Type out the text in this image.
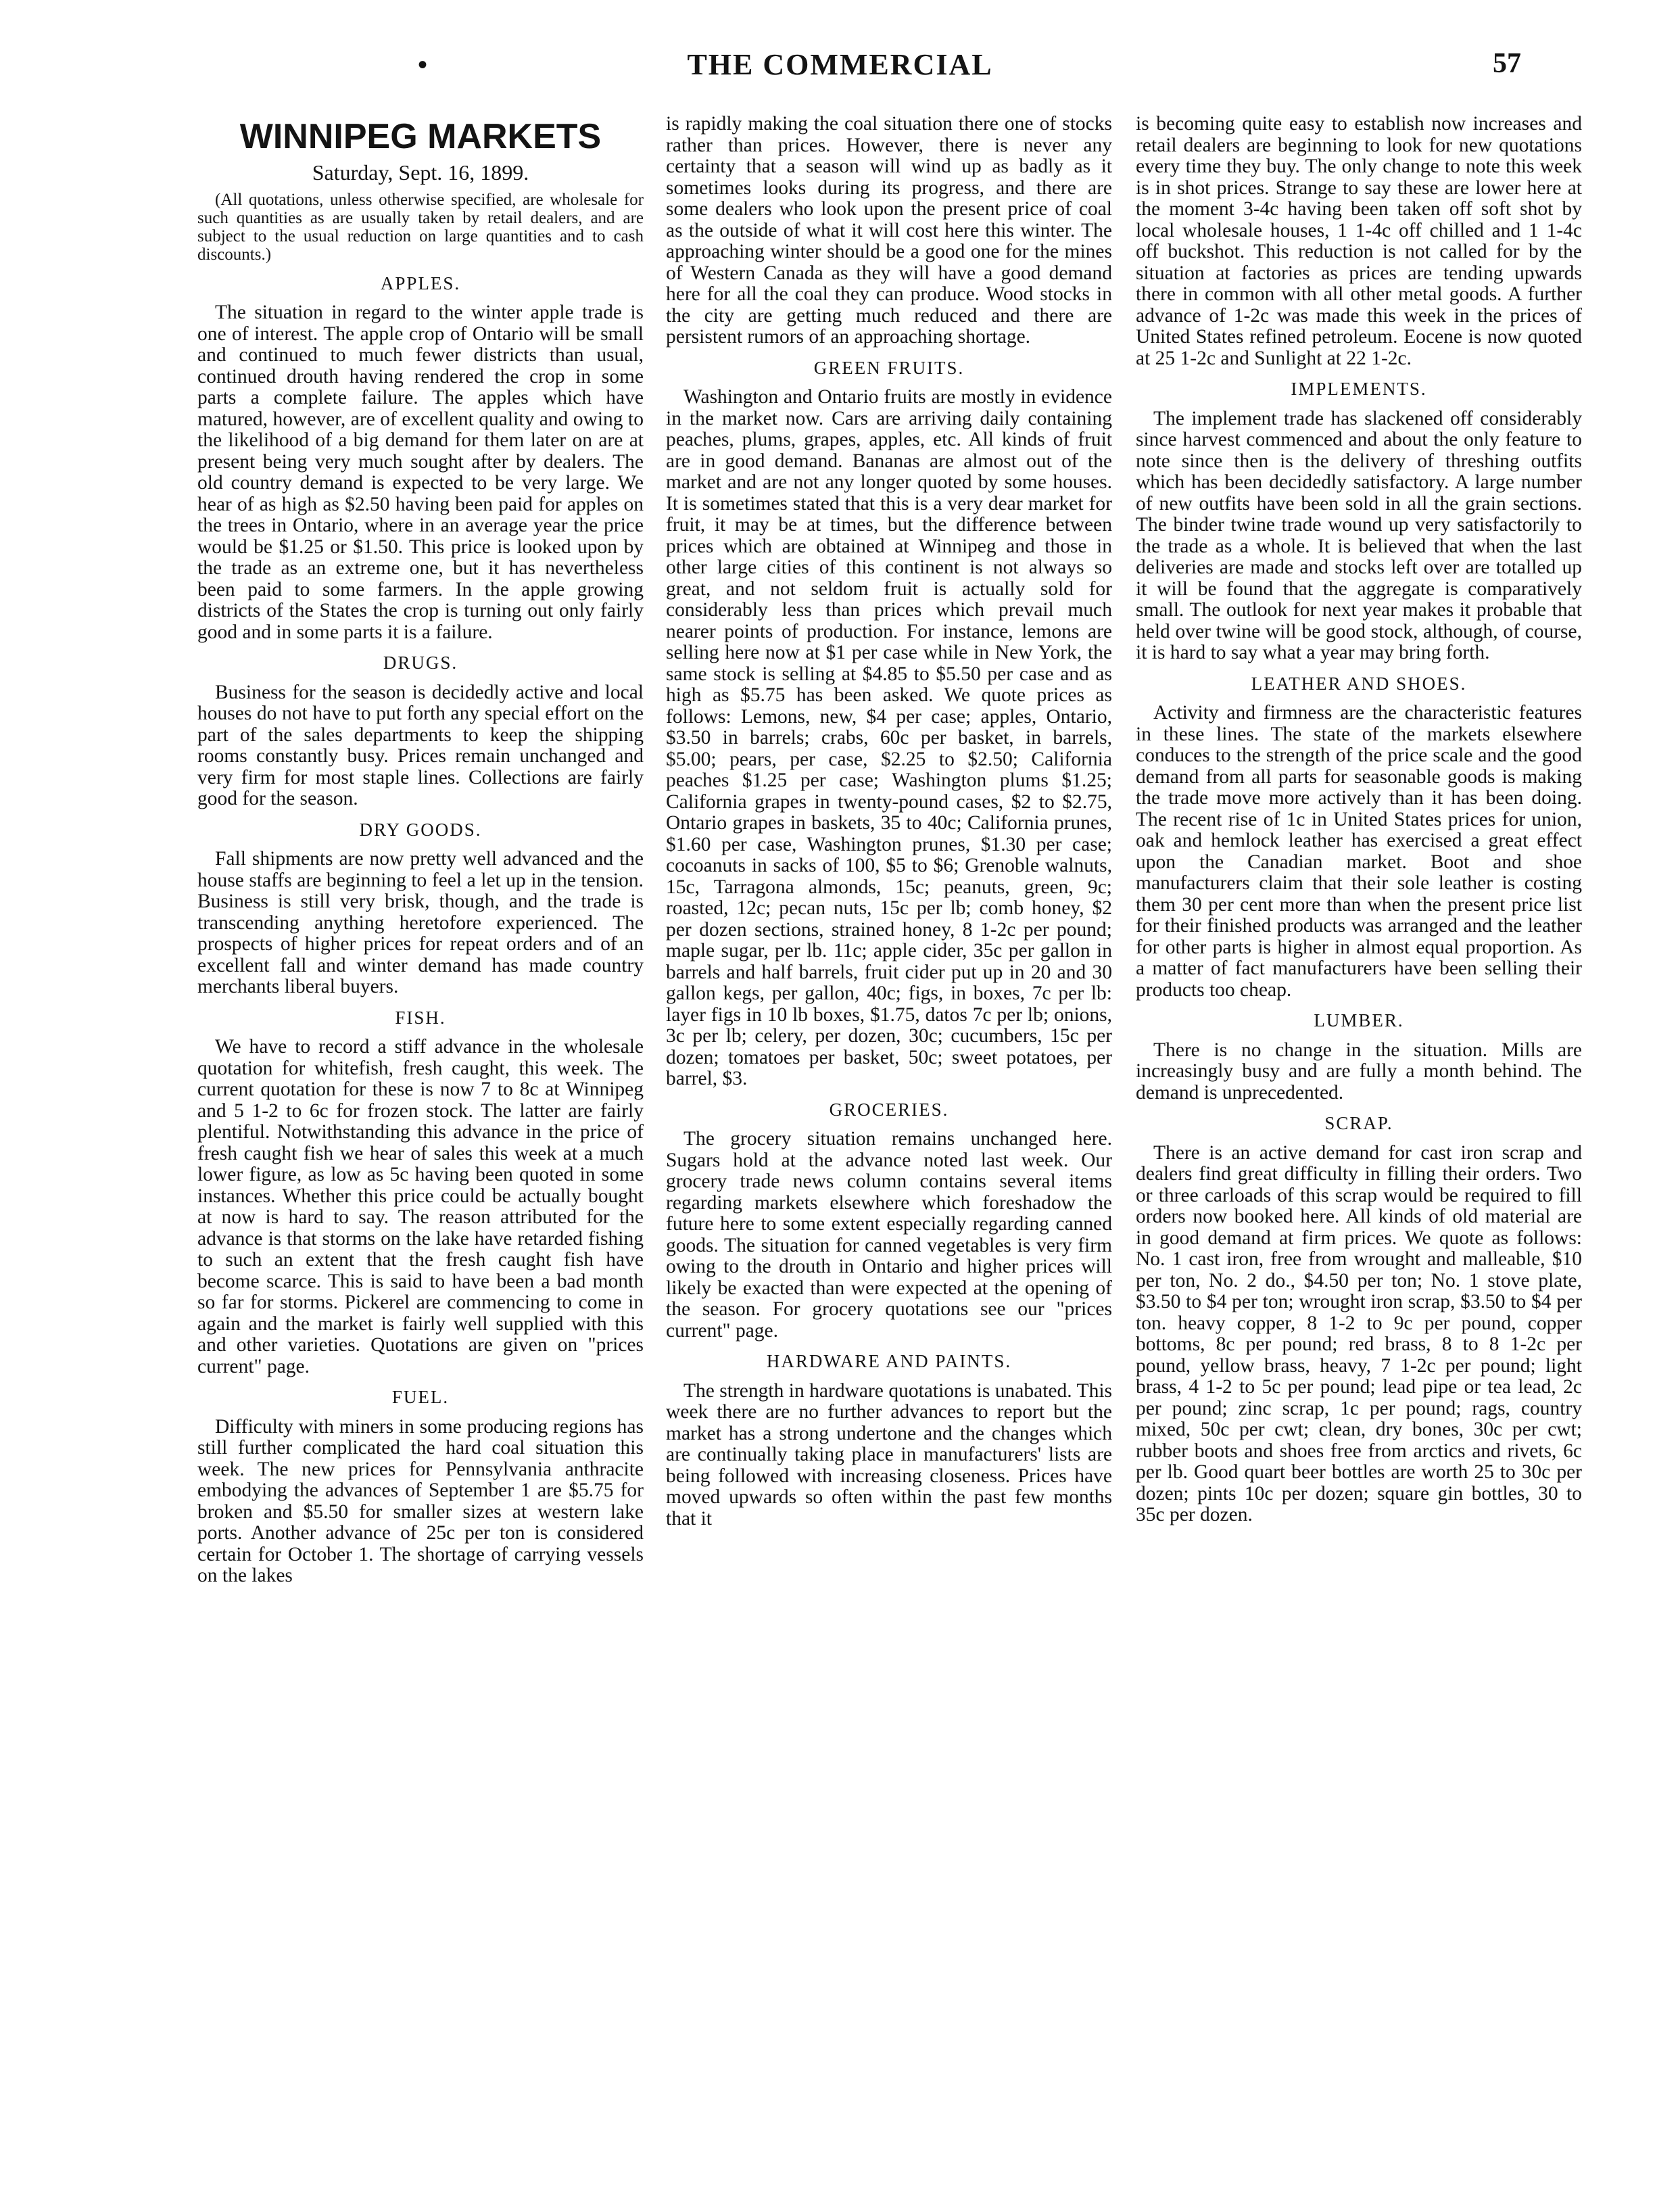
•	THE COMMERCIAL	57
WINNIPEG MARKETS
Saturday, Sept. 16, 1899.

(All quotations, unless otherwise specified, are wholesale for such quantities as are usually taken by retail dealers, and are subject to the usual reduction on large quantities and to cash discounts.)

APPLES.

The situation in regard to the winter apple trade is one of interest. The apple crop of Ontario will be small and continued to much fewer districts than usual, continued drouth having rendered the crop in some parts a complete failure. The apples which have matured, however, are of excellent quality and owing to the likelihood of a big demand for them later on are at present being very much sought after by dealers. The old country demand is expected to be very large. We hear of as high as $2.50 having been paid for apples on the trees in Ontario, where in an average year the price would be $1.25 or $1.50. This price is looked upon by the trade as an extreme one, but it has nevertheless been paid to some farmers. In the apple growing districts of the States the crop is turning out only fairly good and in some parts it is a failure.

DRUGS.

Business for the season is decidedly active and local houses do not have to put forth any special effort on the part of the sales departments to keep the shipping rooms constantly busy. Prices remain unchanged and very firm for most staple lines. Collections are fairly good for the season.

DRY GOODS.

Fall shipments are now pretty well advanced and the house staffs are beginning to feel a let up in the tension. Business is still very brisk, though, and the trade is transcending anything heretofore experienced. The prospects of higher prices for repeat orders and of an excellent fall and winter demand has made country merchants liberal buyers.

FISH.

We have to record a stiff advance in the wholesale quotation for whitefish, fresh caught, this week. The current quotation for these is now 7 to 8c at Winnipeg and 5 1-2 to 6c for frozen stock. The latter are fairly plentiful. Notwithstanding this advance in the price of fresh caught fish we hear of sales this week at a much lower figure, as low as 5c having been quoted in some instances. Whether this price could be actually bought at now is hard to say. The reason attributed for the advance is that storms on the lake have retarded fishing to such an extent that the fresh caught fish have become scarce. This is said to have been a bad month so far for storms. Pickerel are commencing to come in again and the market is fairly well supplied with this and other varieties. Quotations are given on "prices current" page.

FUEL.

Difficulty with miners in some producing regions has still further complicated the hard coal situation this week. The new prices for Pennsylvania anthracite embodying the advances of September 1 are $5.75 for broken and $5.50 for smaller sizes at western lake ports. Another advance of 25c per ton is considered certain for October 1. The shortage of carrying vessels on the lakes

is rapidly making the coal situation there one of stocks rather than prices. However, there is never any certainty that a season will wind up as badly as it sometimes looks during its progress, and there are some dealers who look upon the present price of coal as the outside of what it will cost here this winter. The approaching winter should be a good one for the mines of Western Canada as they will have a good demand here for all the coal they can produce. Wood stocks in the city are getting much reduced and there are persistent rumors of an approaching shortage.

GREEN FRUITS.

Washington and Ontario fruits are mostly in evidence in the market now. Cars are arriving daily containing peaches, plums, grapes, apples, etc. All kinds of fruit are in good demand. Bananas are almost out of the market and are not any longer quoted by some houses. It is sometimes stated that this is a very dear market for fruit, it may be at times, but the difference between prices which are obtained at Winnipeg and those in other large cities of this continent is not always so great, and not seldom fruit is actually sold for considerably less than prices which prevail much nearer points of production. For instance, lemons are selling here now at $1 per case while in New York, the same stock is selling at $4.85 to $5.50 per case and as high as $5.75 has been asked. We quote prices as follows: Lemons, new, $4 per case; apples, Ontario, $3.50 in barrels; crabs, 60c per basket, in barrels, $5.00; pears, per case, $2.25 to $2.50; California peaches $1.25 per case; Washington plums $1.25; California grapes in twenty-pound cases, $2 to $2.75, Ontario grapes in baskets, 35 to 40c; California prunes, $1.60 per case, Washington prunes, $1.30 per case; cocoanuts in sacks of 100, $5 to $6; Grenoble walnuts, 15c, Tarragona almonds, 15c; peanuts, green, 9c; roasted, 12c; pecan nuts, 15c per lb; comb honey, $2 per dozen sections, strained honey, 8 1-2c per pound; maple sugar, per lb. 11c; apple cider, 35c per gallon in barrels and half barrels, fruit cider put up in 20 and 30 gallon kegs, per gallon, 40c; figs, in boxes, 7c per lb: layer figs in 10 lb boxes, $1.75, datos 7c per lb; onions, 3c per lb; celery, per dozen, 30c; cucumbers, 15c per dozen; tomatoes per basket, 50c; sweet potatoes, per barrel, $3.

GROCERIES.

The grocery situation remains unchanged here. Sugars hold at the advance noted last week. Our grocery trade news column contains several items regarding markets elsewhere which foreshadow the future here to some extent especially regarding canned goods. The situation for canned vegetables is very firm owing to the drouth in Ontario and higher prices will likely be exacted than were expected at the opening of the season. For grocery quotations see our "prices current" page.

HARDWARE AND PAINTS.

The strength in hardware quotations is unabated. This week there are no further advances to report but the market has a strong undertone and the changes which are continually taking place in manufacturers' lists are being followed with increasing closeness. Prices have moved upwards so often within the past few months that it

is becoming quite easy to establish now increases and retail dealers are beginning to look for new quotations every time they buy. The only change to note this week is in shot prices. Strange to say these are lower here at the moment 3-4c having been taken off soft shot by local wholesale houses, 1 1-4c off chilled and 1 1-4c off buckshot. This reduction is not called for by the situation at factories as prices are tending upwards there in common with all other metal goods. A further advance of 1-2c was made this week in the prices of United States refined petroleum. Eocene is now quoted at 25 1-2c and Sunlight at 22 1-2c.

IMPLEMENTS.

The implement trade has slackened off considerably since harvest commenced and about the only feature to note since then is the delivery of threshing outfits which has been decidedly satisfactory. A large number of new outfits have been sold in all the grain sections. The binder twine trade wound up very satisfactorily to the trade as a whole. It is believed that when the last deliveries are made and stocks left over are totalled up it will be found that the aggregate is comparatively small. The outlook for next year makes it probable that held over twine will be good stock, although, of course, it is hard to say what a year may bring forth.

LEATHER AND SHOES.

Activity and firmness are the characteristic features in these lines. The state of the markets elsewhere conduces to the strength of the price scale and the good demand from all parts for seasonable goods is making the trade move more actively than it has been doing. The recent rise of 1c in United States prices for union, oak and hemlock leather has exercised a great effect upon the Canadian market. Boot and shoe manufacturers claim that their sole leather is costing them 30 per cent more than when the present price list for their finished products was arranged and the leather for other parts is higher in almost equal proportion. As a matter of fact manufacturers have been selling their products too cheap.

LUMBER.

There is no change in the situation. Mills are increasingly busy and are fully a month behind. The demand is unprecedented.

SCRAP.

There is an active demand for cast iron scrap and dealers find great difficulty in filling their orders. Two or three carloads of this scrap would be required to fill orders now booked here. All kinds of old material are in good demand at firm prices. We quote as follows: No. 1 cast iron, free from wrought and malleable, $10 per ton, No. 2 do., $4.50 per ton; No. 1 stove plate, $3.50 to $4 per ton; wrought iron scrap, $3.50 to $4 per ton. heavy copper, 8 1-2 to 9c per pound, copper bottoms, 8c per pound; red brass, 8 to 8 1-2c per pound, yellow brass, heavy, 7 1-2c per pound; light brass, 4 1-2 to 5c per pound; lead pipe or tea lead, 2c per pound; zinc scrap, 1c per pound; rags, country mixed, 50c per cwt; clean, dry bones, 30c per cwt; rubber boots and shoes free from arctics and rivets, 6c per lb. Good quart beer bottles are worth 25 to 30c per dozen; pints 10c per dozen; square gin bottles, 30 to 35c per dozen.
